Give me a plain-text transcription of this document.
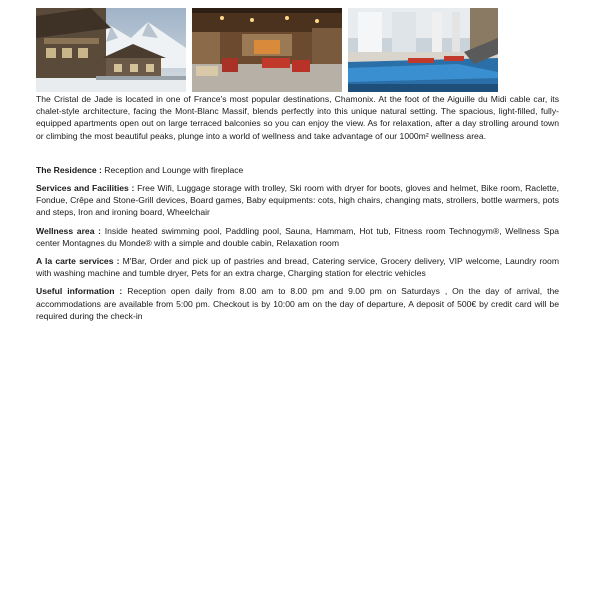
The Cristal de Jade is located in one of France's most popular destinations, Chamonix. At the foot of the Aiguille du Midi cable car, its chalet-style architecture, facing the Mont-Blanc Massif, blends perfectly into this unique natural setting. The spacious, light-filled, fully-equipped apartments open out on large terraced balconies so you can enjoy the view. As for relaxation, after a day strolling around town or climbing the most beautiful peaks, plunge into a world of wellness and take advantage of our 1000m² wellness area.

The Residence : Reception and Lounge with fireplace

Services and Facilities : Free Wifi, Luggage storage with trolley, Ski room with dryer for boots, gloves and helmet, Bike room, Raclette, Fondue, Crêpe and Stone-Grill devices, Board games, Baby equipments: cots, high chairs, changing mats, strollers, bottle warmers, pots and steps, Iron and ironing board, Wheelchair

Wellness area : Inside heated swimming pool, Paddling pool, Sauna, Hammam, Hot tub, Fitness room Technogym®, Wellness Spa center Montagnes du Monde® with a simple and double cabin, Relaxation room

A la carte services : M'Bar, Order and pick up of pastries and bread, Catering service, Grocery delivery, VIP welcome, Laundry room with washing machine and tumble dryer, Pets for an extra charge, Charging station for electric vehicles

Useful information : Reception open daily from 8.00 am to 8.00 pm and 9.00 pm on Saturdays , On the day of arrival, the accommodations are available from 5:00 pm. Checkout is by 10:00 am on the day of departure, A deposit of 500€ by credit card will be required during the check-in
